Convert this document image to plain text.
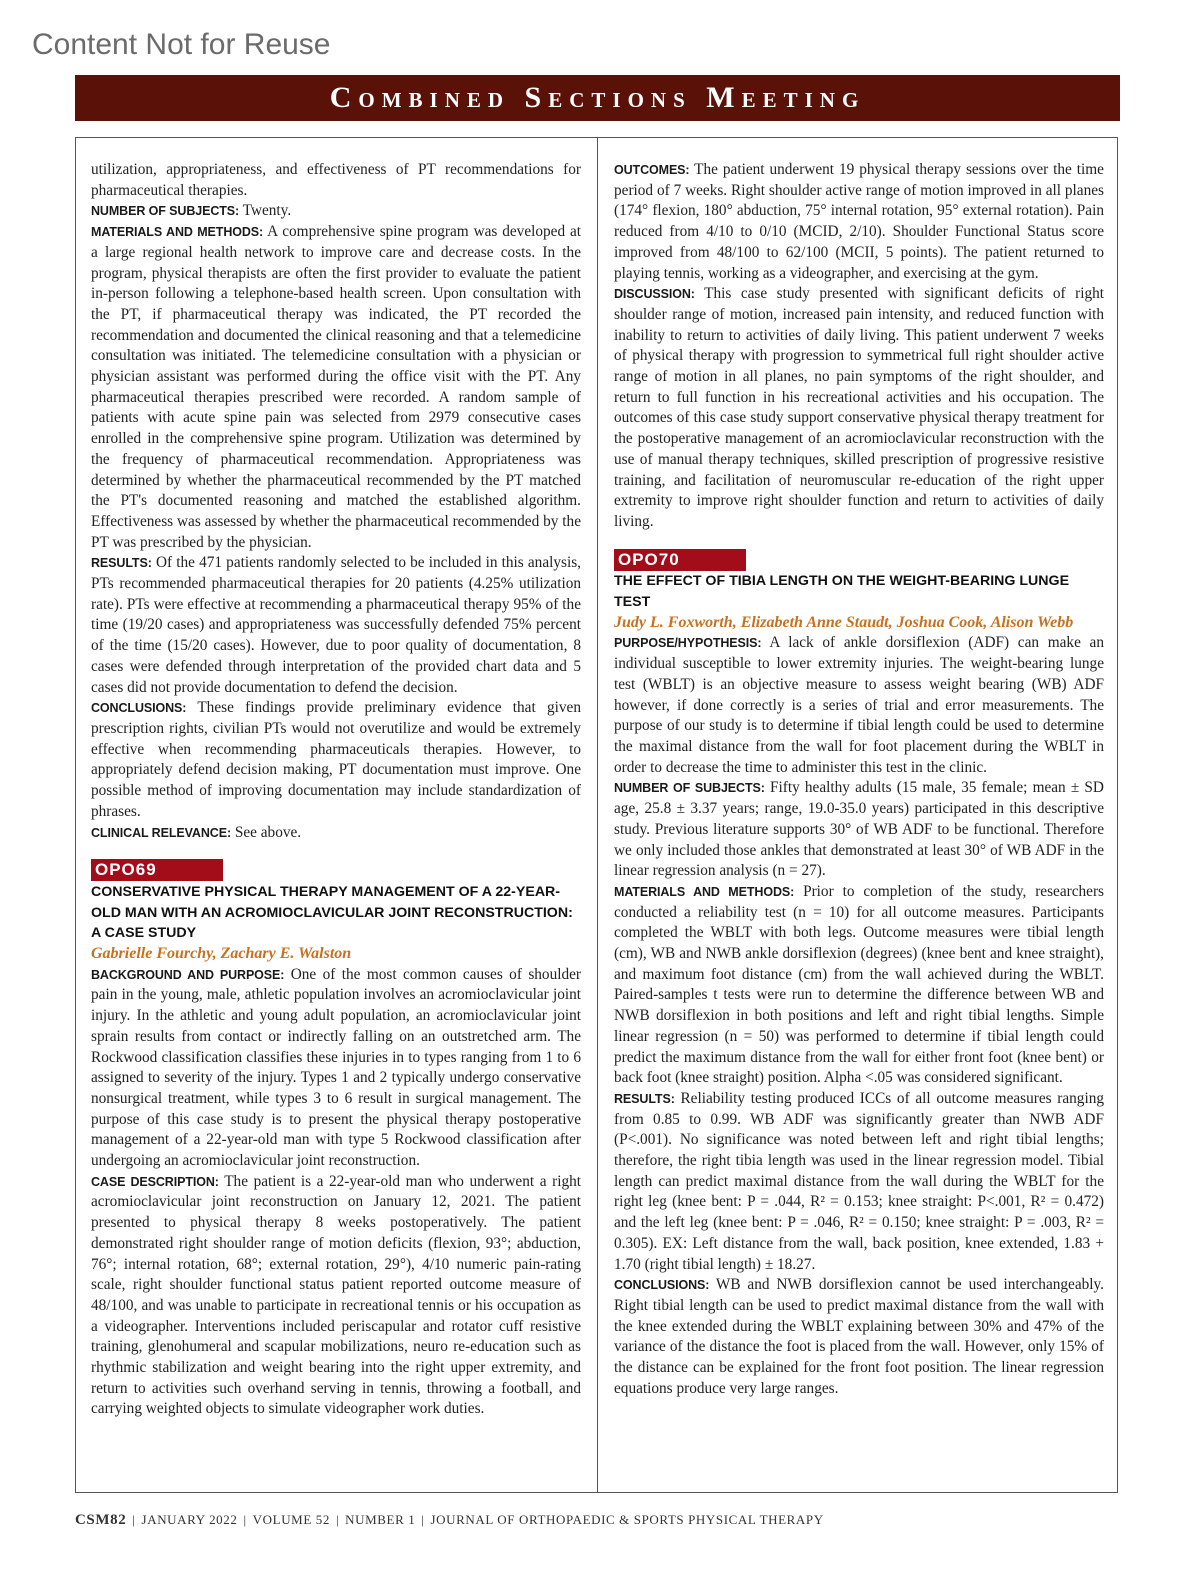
Content Not for Reuse
Combined Sections Meeting

utilization, appropriateness, and effectiveness of PT recommendations for pharmaceutical therapies.

NUMBER OF SUBJECTS: Twenty.

MATERIALS AND METHODS: A comprehensive spine program was developed at a large regional health network to improve care and decrease costs. In the program, physical therapists are often the first provider to evaluate the patient in-person following a telephone-based health screen. Upon consultation with the PT, if pharmaceutical therapy was indicated, the PT recorded the recommendation and documented the clinical reasoning and that a telemedicine consultation was initiated. The telemedicine consultation with a physician or physician assistant was performed during the office visit with the PT. Any pharmaceutical therapies prescribed were recorded. A random sample of patients with acute spine pain was selected from 2979 consecutive cases enrolled in the comprehensive spine program. Utilization was determined by the frequency of pharmaceutical recommendation. Appropriateness was determined by whether the pharmaceutical recommended by the PT matched the PT's documented reasoning and matched the established algorithm. Effectiveness was assessed by whether the pharmaceutical recommended by the PT was prescribed by the physician.

RESULTS: Of the 471 patients randomly selected to be included in this analysis, PTs recommended pharmaceutical therapies for 20 patients (4.25% utilization rate). PTs were effective at recommending a pharmaceutical therapy 95% of the time (19/20 cases) and appropriateness was successfully defended 75% percent of the time (15/20 cases). However, due to poor quality of documentation, 8 cases were defended through interpretation of the provided chart data and 5 cases did not provide documentation to defend the decision.

CONCLUSIONS: These findings provide preliminary evidence that given prescription rights, civilian PTs would not overutilize and would be extremely effective when recommending pharmaceuticals therapies. However, to appropriately defend decision making, PT documentation must improve. One possible method of improving documentation may include standardization of phrases.

CLINICAL RELEVANCE: See above.

OPO69
CONSERVATIVE PHYSICAL THERAPY MANAGEMENT OF A 22-YEAR-OLD MAN WITH AN ACROMIOCLAVICULAR JOINT RECONSTRUCTION: A CASE STUDY
Gabrielle Fourchy, Zachary E. Walston

BACKGROUND AND PURPOSE: One of the most common causes of shoulder pain in the young, male, athletic population involves an acromioclavicular joint injury. In the athletic and young adult population, an acromioclavicular joint sprain results from contact or indirectly falling on an outstretched arm. The Rockwood classification classifies these injuries in to types ranging from 1 to 6 assigned to severity of the injury. Types 1 and 2 typically undergo conservative nonsurgical treatment, while types 3 to 6 result in surgical management. The purpose of this case study is to present the physical therapy postoperative management of a 22-year-old man with type 5 Rockwood classification after undergoing an acromioclavicular joint reconstruction.

CASE DESCRIPTION: The patient is a 22-year-old man who underwent a right acromioclavicular joint reconstruction on January 12, 2021. The patient presented to physical therapy 8 weeks postoperatively. The patient demonstrated right shoulder range of motion deficits (flexion, 93°; abduction, 76°; internal rotation, 68°; external rotation, 29°), 4/10 numeric pain-rating scale, right shoulder functional status patient reported outcome measure of 48/100, and was unable to participate in recreational tennis or his occupation as a videographer. Interventions included periscapular and rotator cuff resistive training, glenohumeral and scapular mobilizations, neuro re-education such as rhythmic stabilization and weight bearing into the right upper extremity, and return to activities such overhand serving in tennis, throwing a football, and carrying weighted objects to simulate videographer work duties.

OUTCOMES: The patient underwent 19 physical therapy sessions over the time period of 7 weeks. Right shoulder active range of motion improved in all planes (174° flexion, 180° abduction, 75° internal rotation, 95° external rotation). Pain reduced from 4/10 to 0/10 (MCID, 2/10). Shoulder Functional Status score improved from 48/100 to 62/100 (MCII, 5 points). The patient returned to playing tennis, working as a videographer, and exercising at the gym.

DISCUSSION: This case study presented with significant deficits of right shoulder range of motion, increased pain intensity, and reduced function with inability to return to activities of daily living. This patient underwent 7 weeks of physical therapy with progression to symmetrical full right shoulder active range of motion in all planes, no pain symptoms of the right shoulder, and return to full function in his recreational activities and his occupation. The outcomes of this case study support conservative physical therapy treatment for the postoperative management of an acromioclavicular reconstruction with the use of manual therapy techniques, skilled prescription of progressive resistive training, and facilitation of neuromuscular re-education of the right upper extremity to improve right shoulder function and return to activities of daily living.

OPO70
THE EFFECT OF TIBIA LENGTH ON THE WEIGHT-BEARING LUNGE TEST
Judy L. Foxworth, Elizabeth Anne Staudt, Joshua Cook, Alison Webb

PURPOSE/HYPOTHESIS: A lack of ankle dorsiflexion (ADF) can make an individual susceptible to lower extremity injuries. The weight-bearing lunge test (WBLT) is an objective measure to assess weight bearing (WB) ADF however, if done correctly is a series of trial and error measurements. The purpose of our study is to determine if tibial length could be used to determine the maximal distance from the wall for foot placement during the WBLT in order to decrease the time to administer this test in the clinic.

NUMBER OF SUBJECTS: Fifty healthy adults (15 male, 35 female; mean ± SD age, 25.8 ± 3.37 years; range, 19.0-35.0 years) participated in this descriptive study. Previous literature supports 30° of WB ADF to be functional. Therefore we only included those ankles that demonstrated at least 30° of WB ADF in the linear regression analysis (n = 27).

MATERIALS AND METHODS: Prior to completion of the study, researchers conducted a reliability test (n = 10) for all outcome measures. Participants completed the WBLT with both legs. Outcome measures were tibial length (cm), WB and NWB ankle dorsiflexion (degrees) (knee bent and knee straight), and maximum foot distance (cm) from the wall achieved during the WBLT. Paired-samples t tests were run to determine the difference between WB and NWB dorsiflexion in both positions and left and right tibial lengths. Simple linear regression (n = 50) was performed to determine if tibial length could predict the maximum distance from the wall for either front foot (knee bent) or back foot (knee straight) position. Alpha <.05 was considered significant.

RESULTS: Reliability testing produced ICCs of all outcome measures ranging from 0.85 to 0.99. WB ADF was significantly greater than NWB ADF (P<.001). No significance was noted between left and right tibial lengths; therefore, the right tibia length was used in the linear regression model. Tibial length can predict maximal distance from the wall during the WBLT for the right leg (knee bent: P = .044, R² = 0.153; knee straight: P<.001, R² = 0.472) and the left leg (knee bent: P = .046, R² = 0.150; knee straight: P = .003, R² = 0.305). EX: Left distance from the wall, back position, knee extended, 1.83 + 1.70 (right tibial length) ± 18.27.

CONCLUSIONS: WB and NWB dorsiflexion cannot be used interchangeably. Right tibial length can be used to predict maximal distance from the wall with the knee extended during the WBLT explaining between 30% and 47% of the variance of the distance the foot is placed from the wall. However, only 15% of the distance can be explained for the front foot position. The linear regression equations produce very large ranges.

CSM82 | JANUARY 2022 | VOLUME 52 | NUMBER 1 | JOURNAL OF ORTHOPAEDIC & SPORTS PHYSICAL THERAPY
